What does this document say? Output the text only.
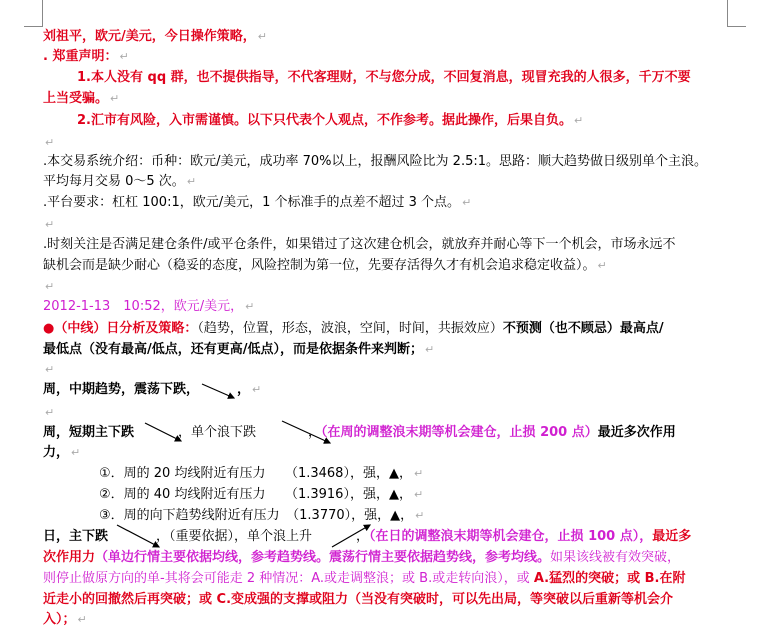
刘祖平，欧元/美元，今日操作策略， ↵
. 郑重声明： ↵
1.本人没有 qq 群，也不提供指导，不代客理财，不与您分成，不回复消息，现冒充我的人很多，千万不要
上当受骗。 ↵
2.汇市有风险，入市需谨慎。以下只代表个人观点，不作参考。据此操作，后果自负。 ↵
↵
.本交易系统介绍：币种：欧元/美元，成功率 70%以上，报酬风险比为 2.5:1。思路：顺大趋势做日级别单个主浪。
平均每月交易 0～5 次。 ↵
.平台要求：杠杠 100:1，欧元/美元，1 个标准手的点差不超过 3 个点。 ↵
↵
.时刻关注是否满足建仓条件/或平仓条件，如果错过了这次建仓机会，就放弃并耐心等下一个机会，市场永远不
缺机会而是缺少耐心（稳妥的态度，风险控制为第一位，先要存活得久才有机会追求稳定收益）。 ↵
↵
2012-1-13　10:52，欧元/美元， ↵
●（中线）日分析及策略：（趋势，位置，形态，波浪，空间，时间，共振效应）不预测（也不顾忌）最高点/
最低点（没有最高/低点，还有更高/低点），而是依据条件来判断； ↵
↵
周，中期趋势，震荡下跌，	， ↵
↵
周，短期主下跌	，单个浪下跌	，（在周的调整浪末期等机会建仓，止损 200 点）最近多次作用
力， ↵
①．周的 20 均线附近有压力　　（1.3468），强，▲， ↵
②．周的 40 均线附近有压力　　（1.3916），强，▲， ↵
③．周的向下趋势线附近有压力　（1.3770），强，▲， ↵
日，主下跌	，（重要依据），单个浪上升	，（在日的调整浪末期等机会建仓，止损 100 点），最近多
次作用力（单边行情主要依据均线，参考趋势线。震荡行情主要依据趋势线，参考均线。如果该线被有效突破，
则停止做原方向的单-其将会可能走 2 种情况：A.或走调整浪；或 B.或走转向浪），或 A.猛烈的突破；或 B.在附
近走小的回撤然后再突破；或 C.变成强的支撑或阻力（当没有突破时，可以先出局，等突破以后重新等机会介
入）； ↵
